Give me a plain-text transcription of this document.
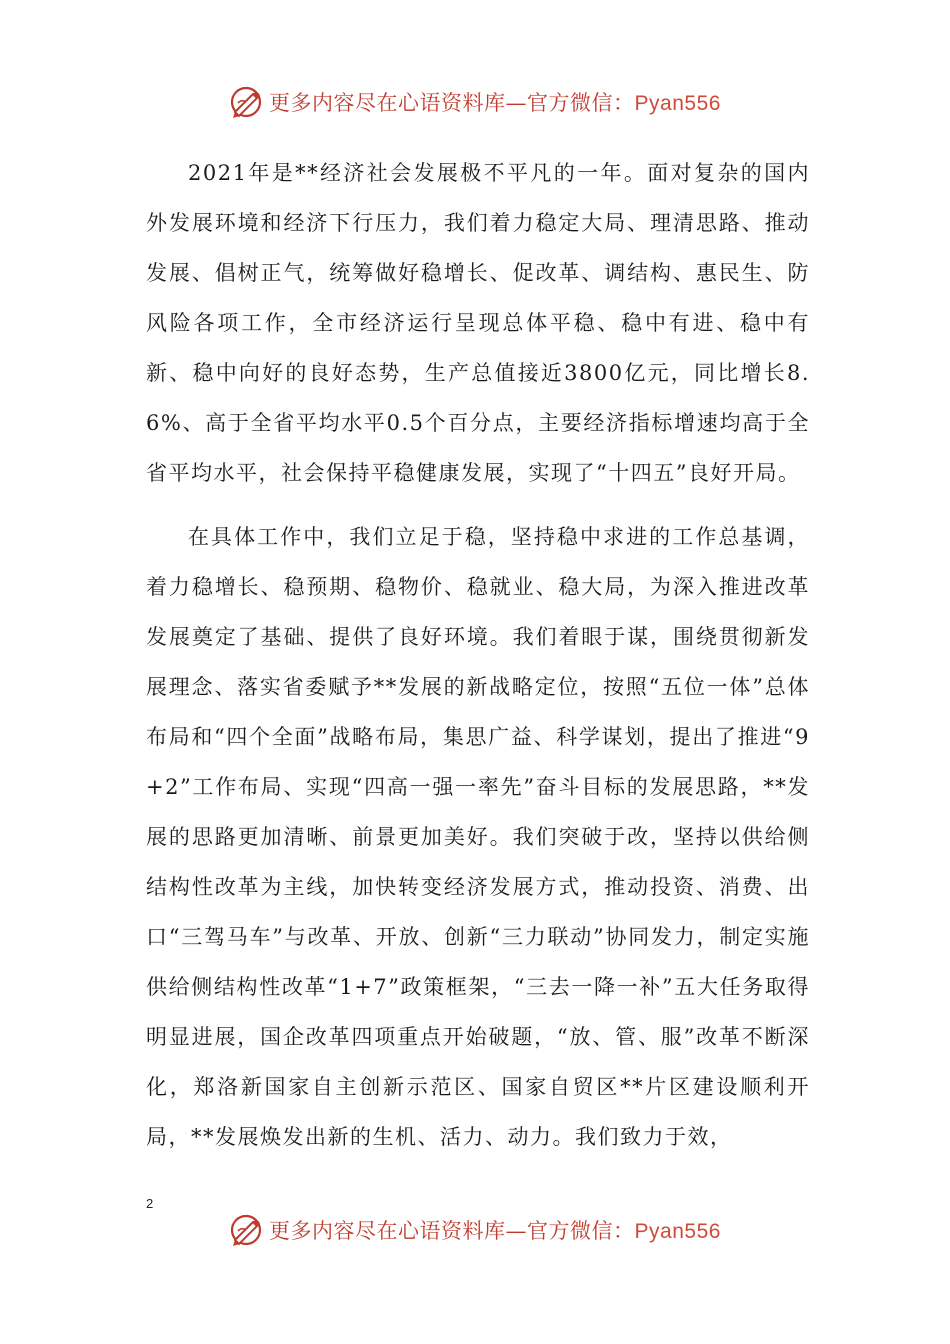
更多内容尽在心语资料库—官方微信：Pyan556

2021年是**经济社会发展极不平凡的一年。面对复杂的国内外发展环境和经济下行压力，我们着力稳定大局、理清思路、推动发展、倡树正气，统筹做好稳增长、促改革、调结构、惠民生、防风险各项工作，全市经济运行呈现总体平稳、稳中有进、稳中有新、稳中向好的良好态势，生产总值接近3800亿元，同比增长8.6%、高于全省平均水平0.5个百分点，主要经济指标增速均高于全省平均水平，社会保持平稳健康发展，实现了“十四五”良好开局。

在具体工作中，我们立足于稳，坚持稳中求进的工作总基调，着力稳增长、稳预期、稳物价、稳就业、稳大局，为深入推进改革发展奠定了基础、提供了良好环境。我们着眼于谋，围绕贯彻新发展理念、落实省委赋予**发展的新战略定位，按照“五位一体”总体布局和“四个全面”战略布局，集思广益、科学谋划，提出了推进“9+2”工作布局、实现“四高一强一率先”奋斗目标的发展思路，**发展的思路更加清晰、前景更加美好。我们突破于改，坚持以供给侧结构性改革为主线，加快转变经济发展方式，推动投资、消费、出口“三驾马车”与改革、开放、创新“三力联动”协同发力，制定实施供给侧结构性改革“1+7”政策框架，“三去一降一补”五大任务取得明显进展，国企改革四项重点开始破题，“放、管、服”改革不断深化，郑洛新国家自主创新示范区、国家自贸区**片区建设顺利开局，**发展焕发出新的生机、活力、动力。我们致力于效，

2
更多内容尽在心语资料库—官方微信：Pyan556
